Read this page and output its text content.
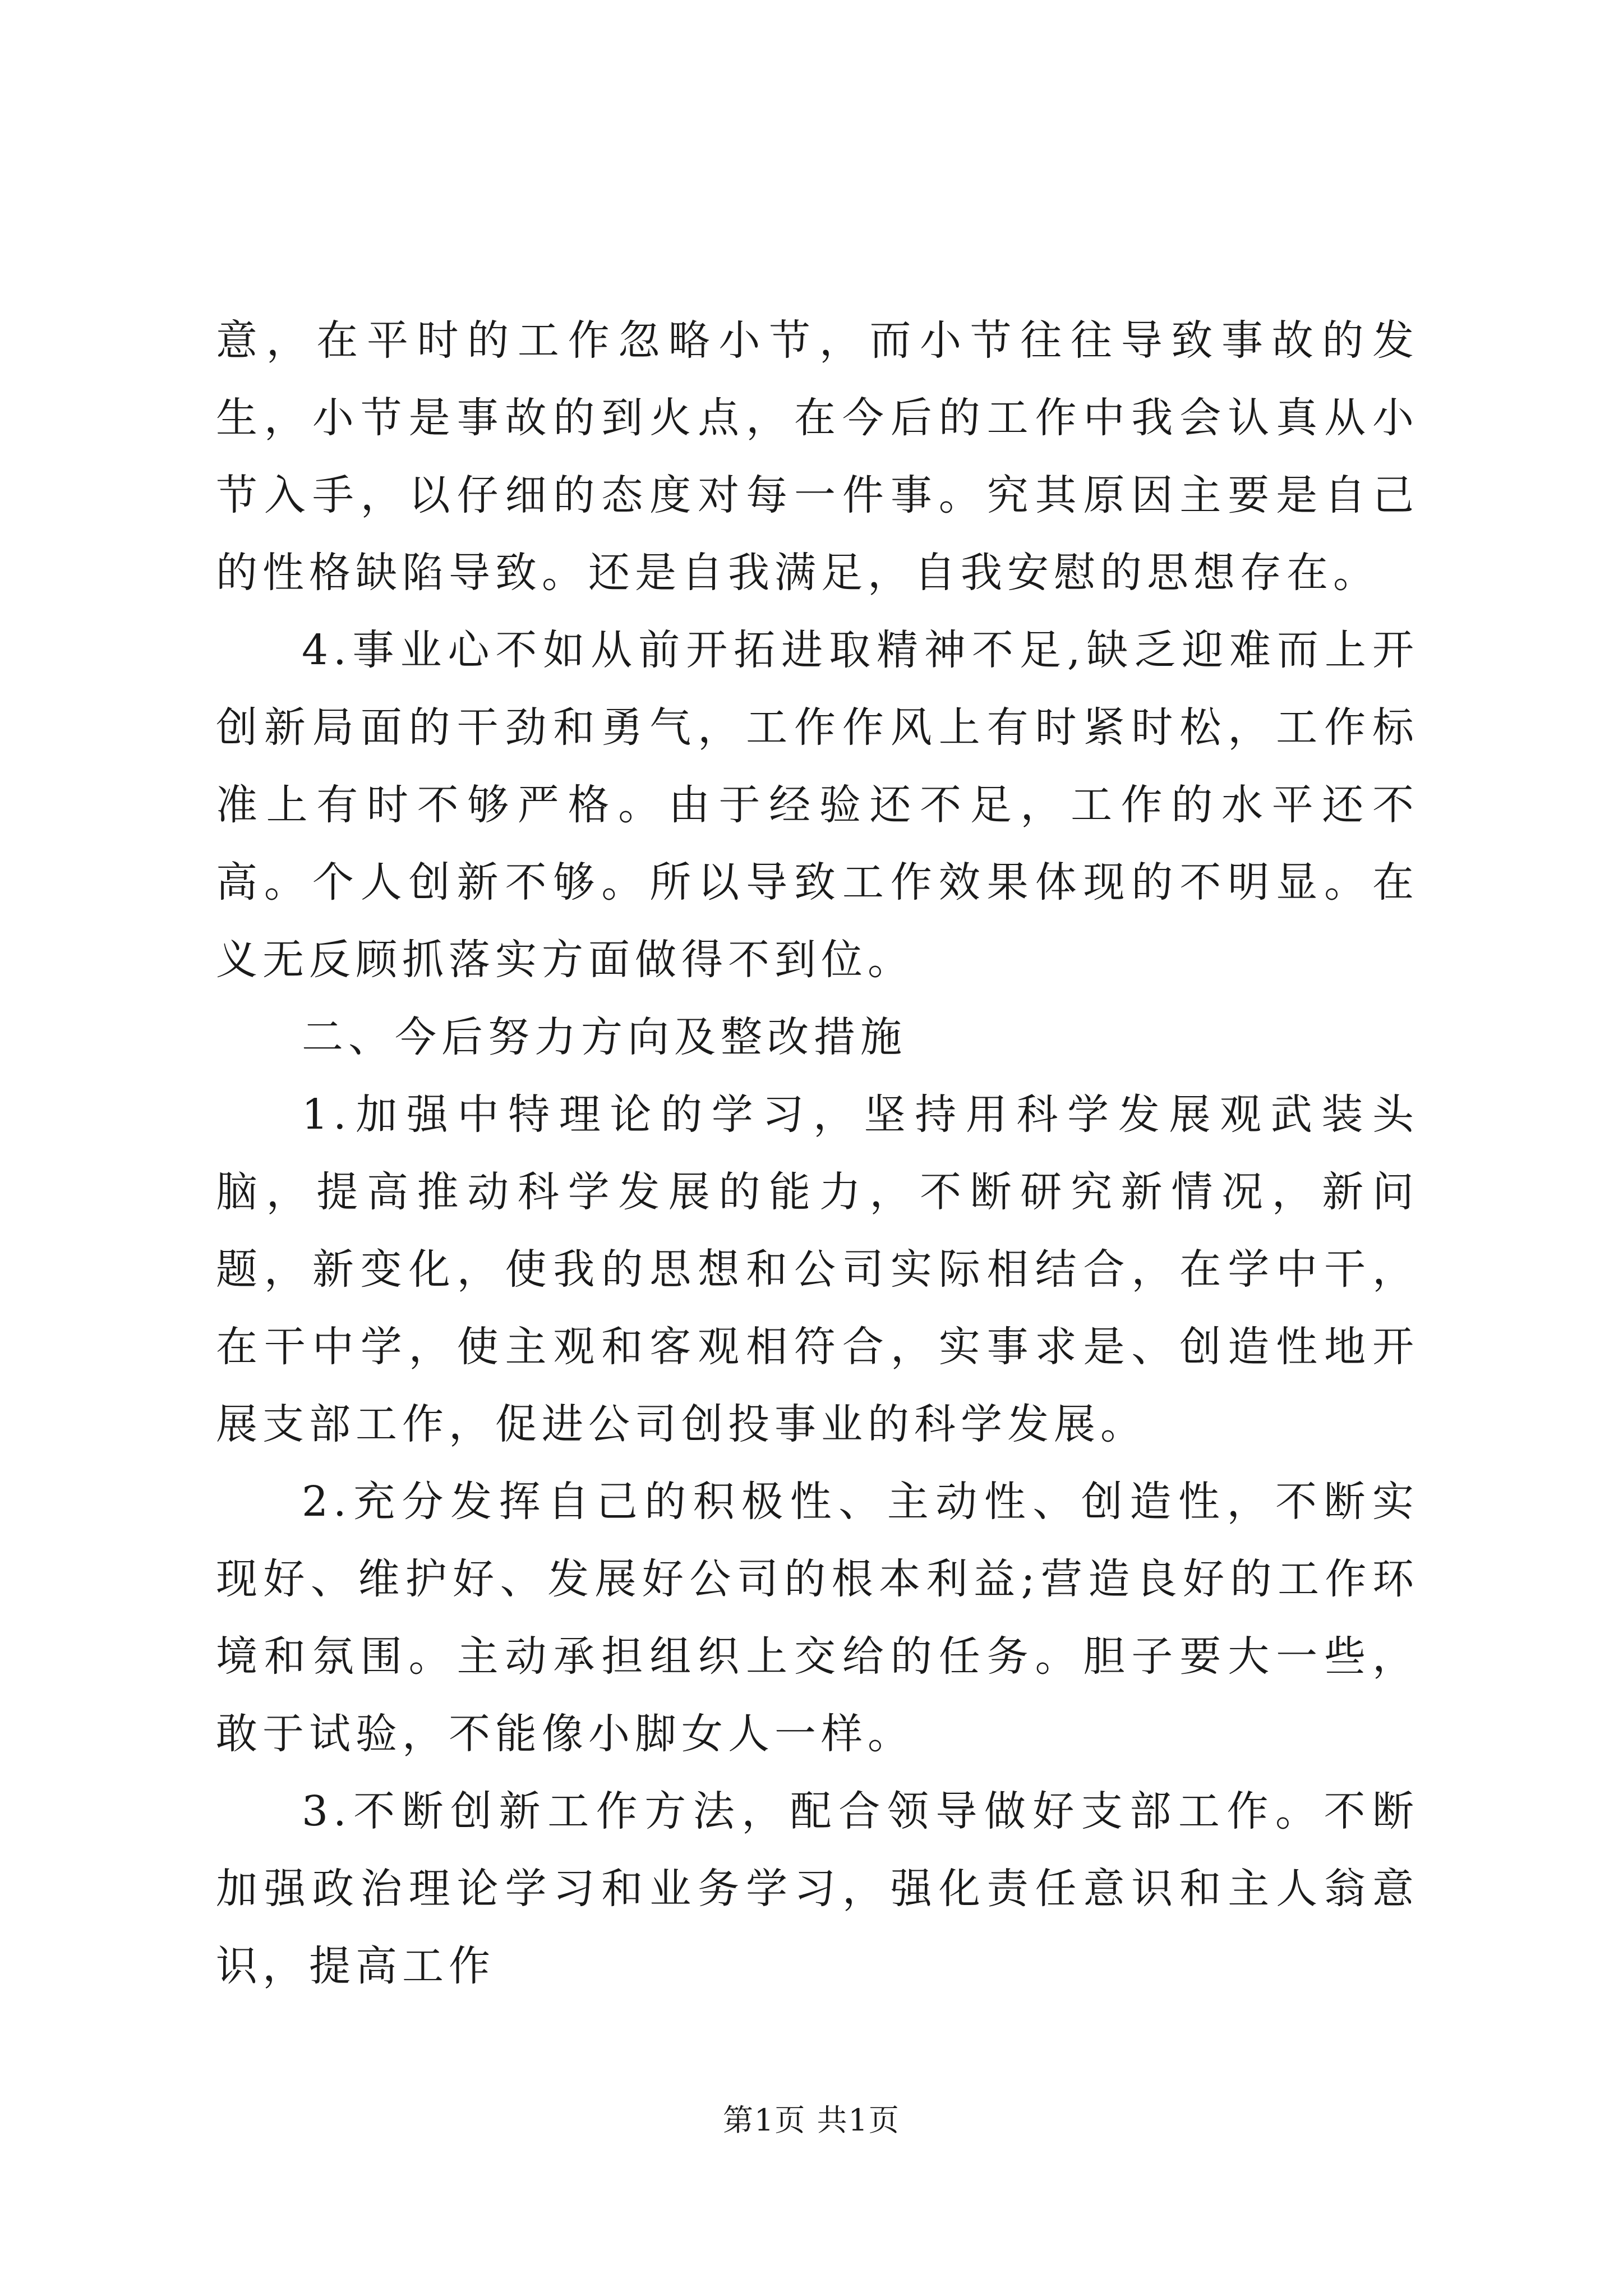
意，在平时的工作忽略小节，而小节往往导致事故的发生，小节是事故的到火点，在今后的工作中我会认真从小节入手，以仔细的态度对每一件事。究其原因主要是自己的性格缺陷导致。还是自我满足，自我安慰的思想存在。

4.事业心不如从前开拓进取精神不足,缺乏迎难而上开创新局面的干劲和勇气，工作作风上有时紧时松，工作标准上有时不够严格。由于经验还不足，工作的水平还不高。个人创新不够。所以导致工作效果体现的不明显。在义无反顾抓落实方面做得不到位。

二、今后努力方向及整改措施

1.加强中特理论的学习，坚持用科学发展观武装头脑，提高推动科学发展的能力，不断研究新情况，新问题，新变化，使我的思想和公司实际相结合，在学中干，在干中学，使主观和客观相符合，实事求是、创造性地开展支部工作，促进公司创投事业的科学发展。

2.充分发挥自己的积极性、主动性、创造性，不断实现好、维护好、发展好公司的根本利益;营造良好的工作环境和氛围。主动承担组织上交给的任务。胆子要大一些，敢于试验，不能像小脚女人一样。

3.不断创新工作方法，配合领导做好支部工作。不断加强政治理论学习和业务学习，强化责任意识和主人翁意识，提高工作

第1页 共1页
